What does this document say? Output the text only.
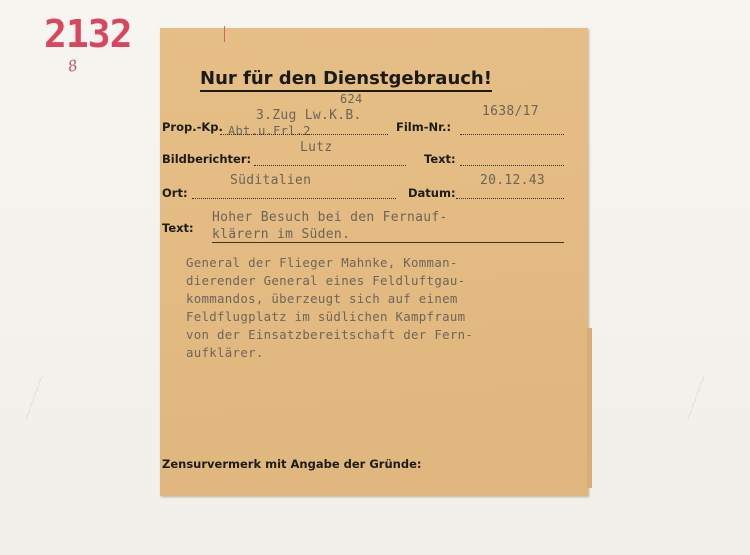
2132
8
⁓⁓⁓⁓	⁓⁓⁓⁓
Nur für den Dienstgebrauch!
624
Prop.-Kp.
3.Zug Lw.K.B.
Abt.u.Frl.2	Film-Nr.:
1638/17
Bildberichter:
Lutz
Text:
Ort:
Süditalien
Datum:
20.12.43
Text:
Hoher Besuch bei den Fernauf-
klärern im Süden.
General der Flieger Mahnke, Komman-
dierender General eines Feldluftgau-
kommandos, überzeugt sich auf einem
Feldflugplatz im südlichen Kampfraum
von der Einsatzbereitschaft der Fern-
aufklärer.
Zensurvermerk mit Angabe der Gründe:
